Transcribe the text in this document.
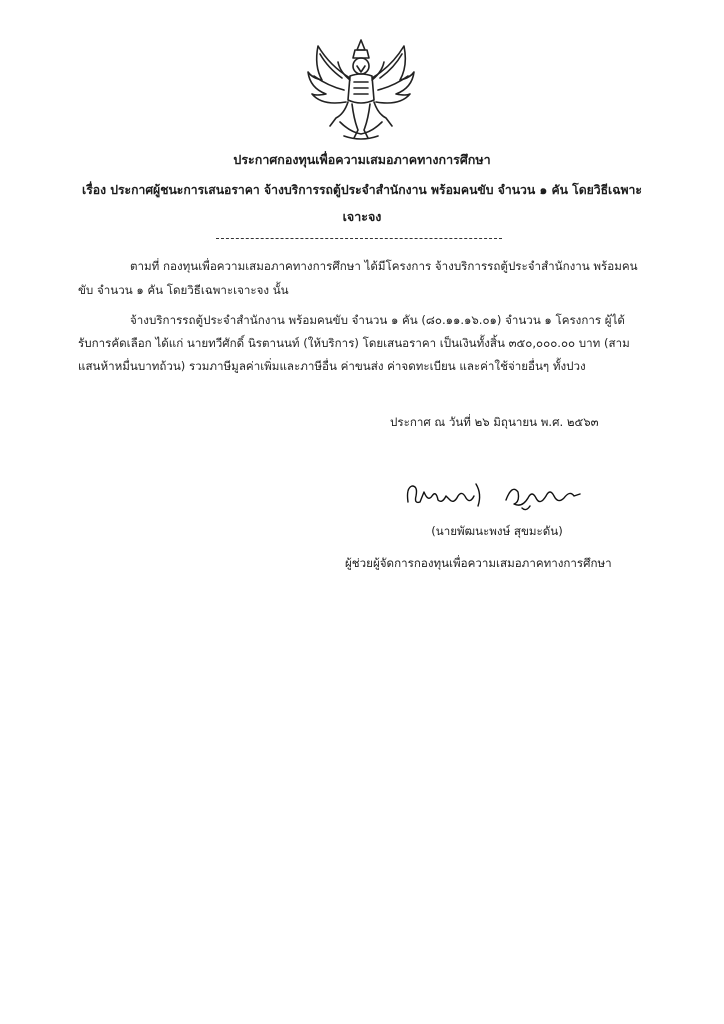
ประกาศกองทุนเพื่อความเสมอภาคทางการศึกษา
เรื่อง ประกาศผู้ชนะการเสนอราคา จ้างบริการรถตู้ประจำสำนักงาน พร้อมคนขับ จำนวน ๑ คัน โดยวิธีเฉพาะ
เจาะจง
ตามที่ กองทุนเพื่อความเสมอภาคทางการศึกษา ได้มีโครงการ จ้างบริการรถตู้ประจำสำนักงาน พร้อมคน
ขับ จำนวน ๑ คัน โดยวิธีเฉพาะเจาะจง นั้น
จ้างบริการรถตู้ประจำสำนักงาน พร้อมคนขับ จำนวน ๑ คัน (๘๐.๑๑.๑๖.๐๑) จำนวน ๑ โครงการ ผู้ได้
รับการคัดเลือก ได้แก่ นายทวีศักดิ์ นิรตานนท์ (ให้บริการ) โดยเสนอราคา เป็นเงินทั้งสิ้น ๓๕๐,๐๐๐.๐๐ บาท (สาม
แสนห้าหมื่นบาทถ้วน) รวมภาษีมูลค่าเพิ่มและภาษีอื่น ค่าขนส่ง ค่าจดทะเบียน และค่าใช้จ่ายอื่นๆ ทั้งปวง
ประกาศ ณ วันที่ ๒๖ มิถุนายน พ.ศ. ๒๕๖๓
(นายพัฒนะพงษ์ สุขมะดัน)
ผู้ช่วยผู้จัดการกองทุนเพื่อความเสมอภาคทางการศึกษา
